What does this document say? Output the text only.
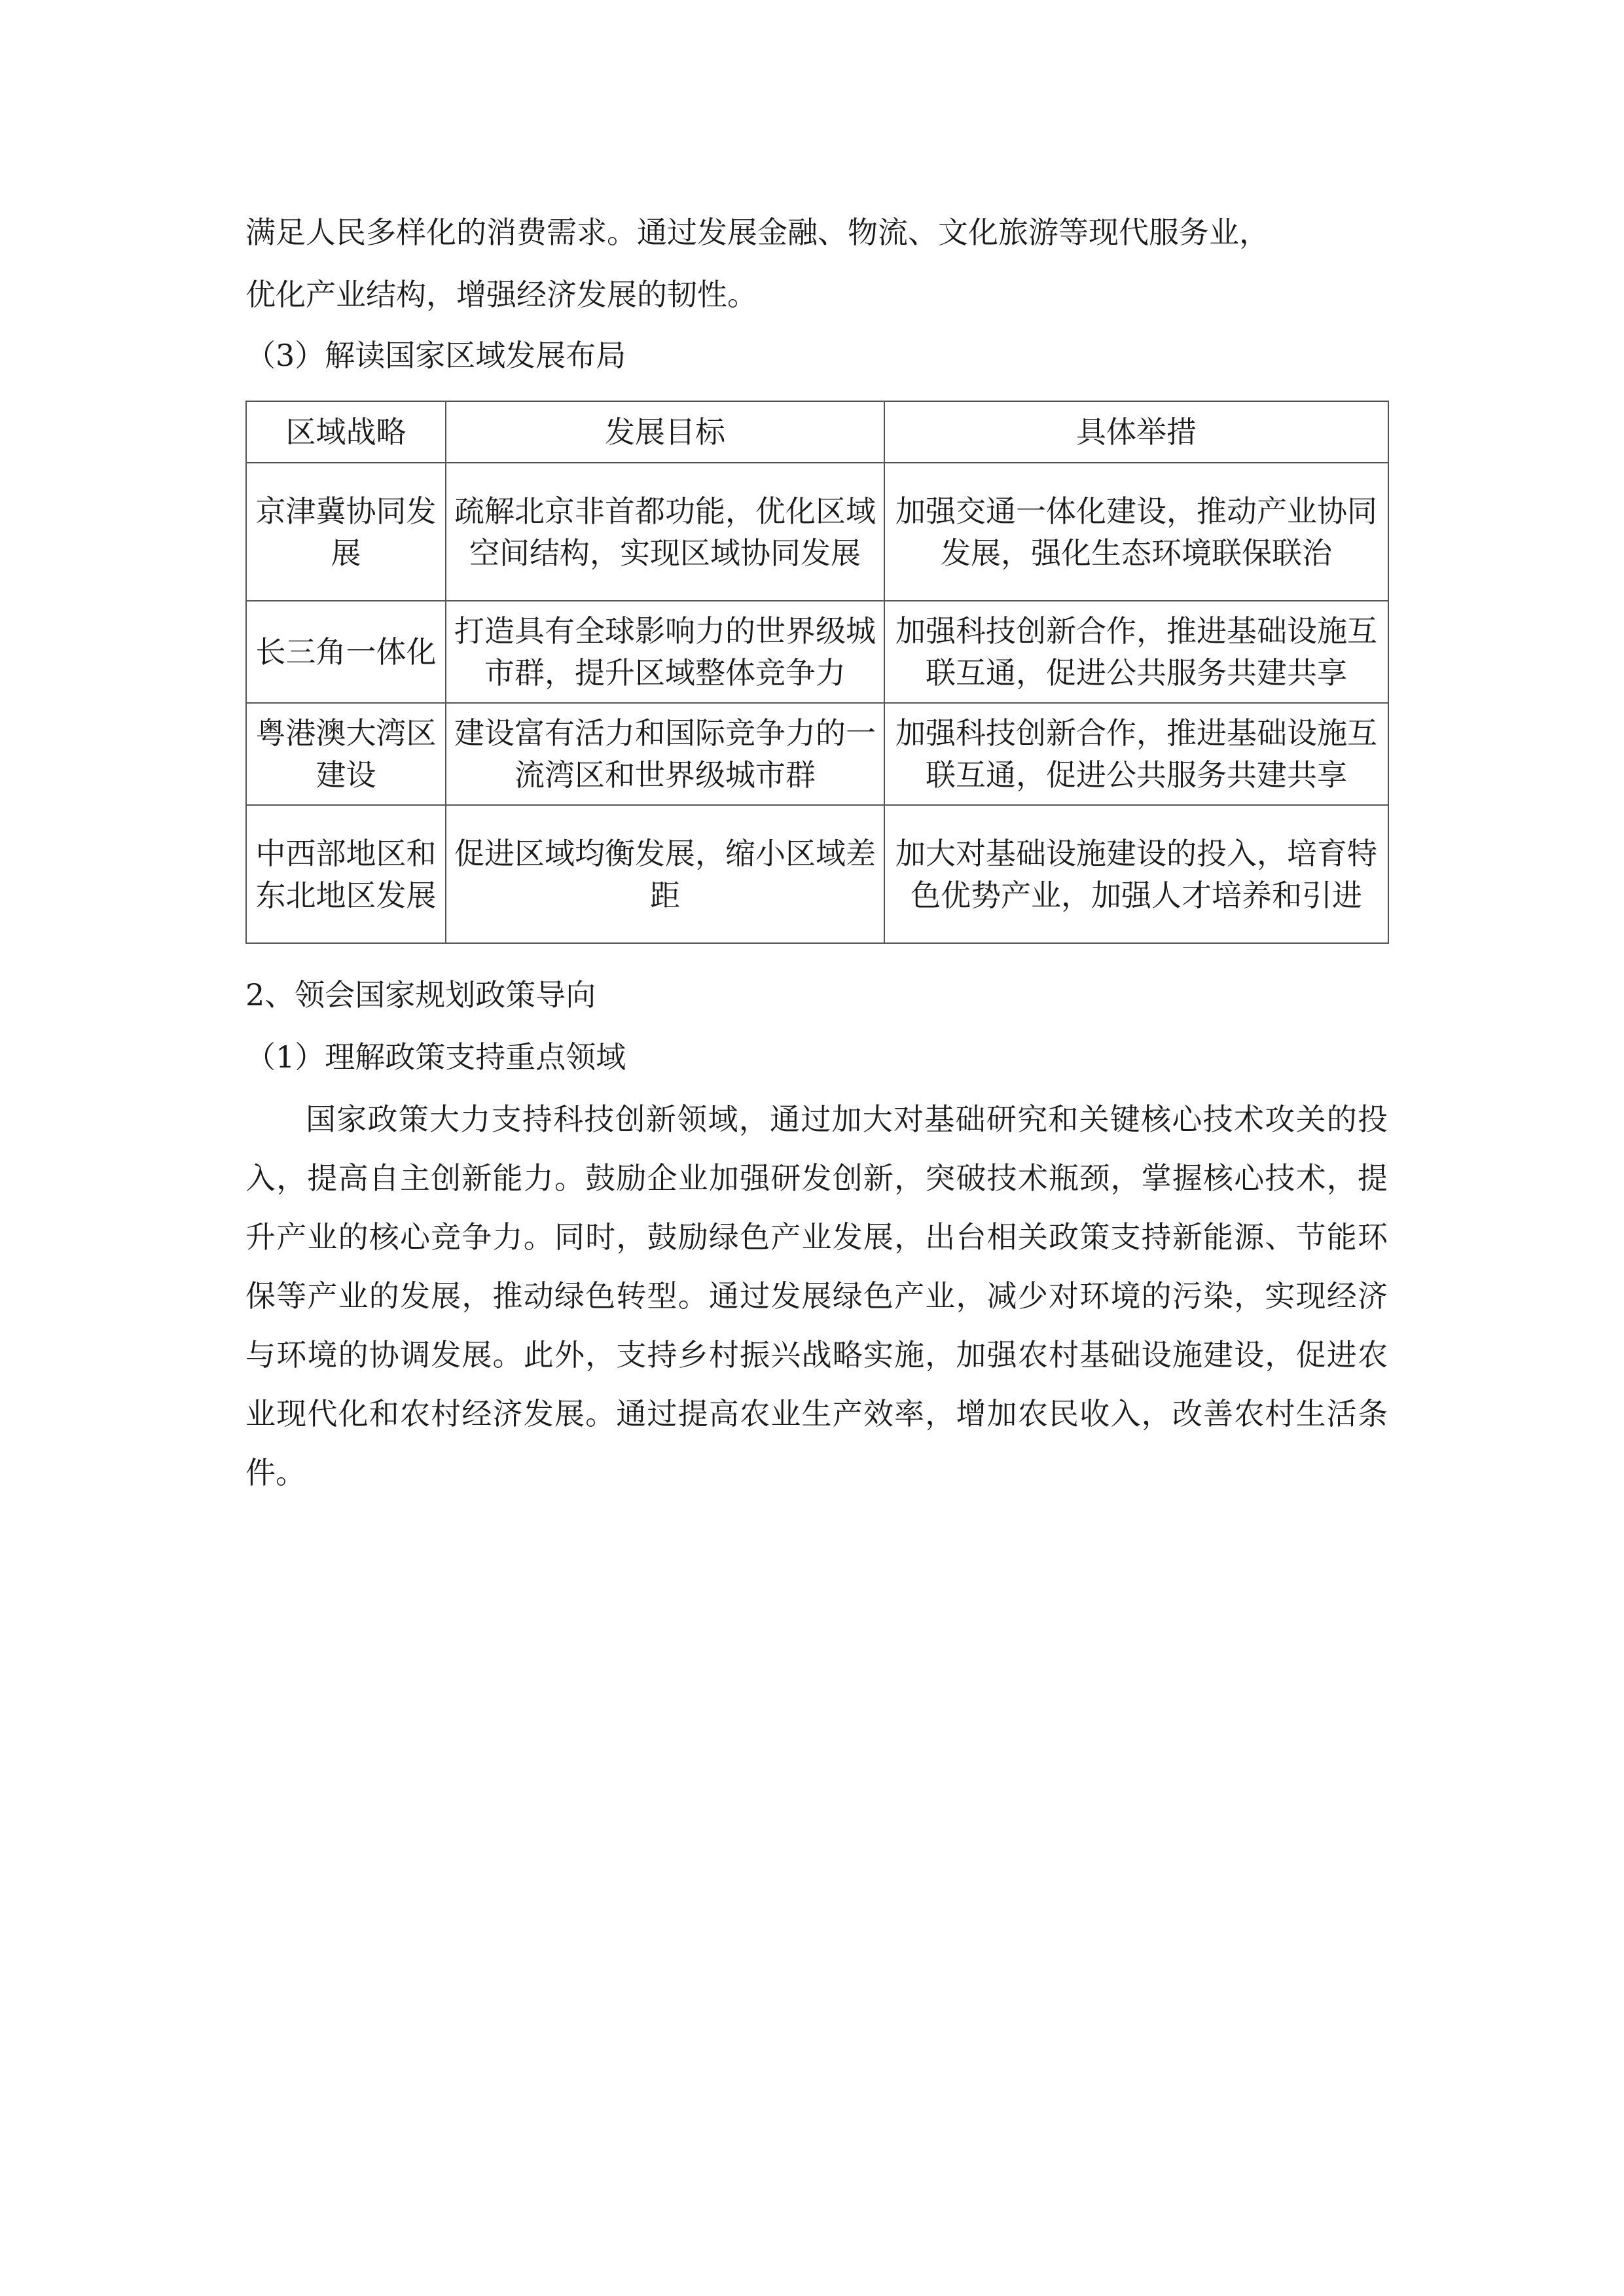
满足人民多样化的消费需求。通过发展金融、物流、文化旅游等现代服务业，
优化产业结构，增强经济发展的韧性。
（3）解读国家区域发展布局
区域战略	发展目标	具体举措
京津冀协同发展	疏解北京非首都功能，优化区域空间结构，实现区域协同发展	加强交通一体化建设，推动产业协同发展，强化生态环境联保联治
长三角一体化	打造具有全球影响力的世界级城市群，提升区域整体竞争力	加强科技创新合作，推进基础设施互联互通，促进公共服务共建共享
粤港澳大湾区建设	建设富有活力和国际竞争力的一流湾区和世界级城市群	加强科技创新合作，推进基础设施互联互通，促进公共服务共建共享
中西部地区和东北地区发展	促进区域均衡发展，缩小区域差距	加大对基础设施建设的投入，培育特色优势产业，加强人才培养和引进
2、领会国家规划政策导向
（1）理解政策支持重点领域

国家政策大力支持科技创新领域，通过加大对基础研究和关键核心技术攻关的投入，提高自主创新能力。鼓励企业加强研发创新，突破技术瓶颈，掌握核心技术，提升产业的核心竞争力。同时，鼓励绿色产业发展，出台相关政策支持新能源、节能环保等产业的发展，推动绿色转型。通过发展绿色产业，减少对环境的污染，实现经济与环境的协调发展。此外，支持乡村振兴战略实施，加强农村基础设施建设，促进农业现代化和农村经济发展。通过提高农业生产效率，增加农民收入，改善农村生活条件。
